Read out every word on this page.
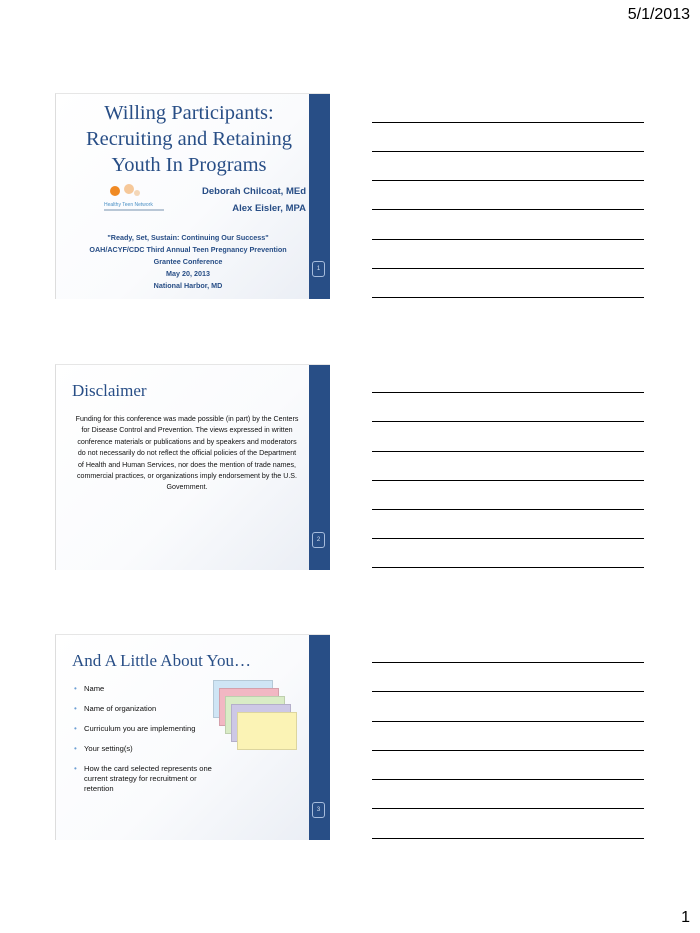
5/1/2013
Willing Participants:
Recruiting and Retaining
Youth In Programs
Healthy Teen Network
Deborah Chilcoat, MEd
Alex Eisler, MPA
"Ready, Set, Sustain: Continuing Our Success"
OAH/ACYF/CDC Third Annual Teen Pregnancy Prevention
Grantee Conference
May 20, 2013
National Harbor, MD
1
Disclaimer
Funding for this conference was made possible (in part) by the Centers for Disease Control and Prevention. The views expressed in written conference materials or publications and by speakers and moderators do not necessarily do not reflect the official policies of the Department of Health and Human Services, nor does the mention of trade names, commercial practices, or organizations imply endorsement by the U.S. Government.
2
And A Little About You…
• Name
• Name of organization
• Curriculum you are implementing
• Your setting(s)
• How the card selected represents one current strategy for recruitment or retention
3
1
